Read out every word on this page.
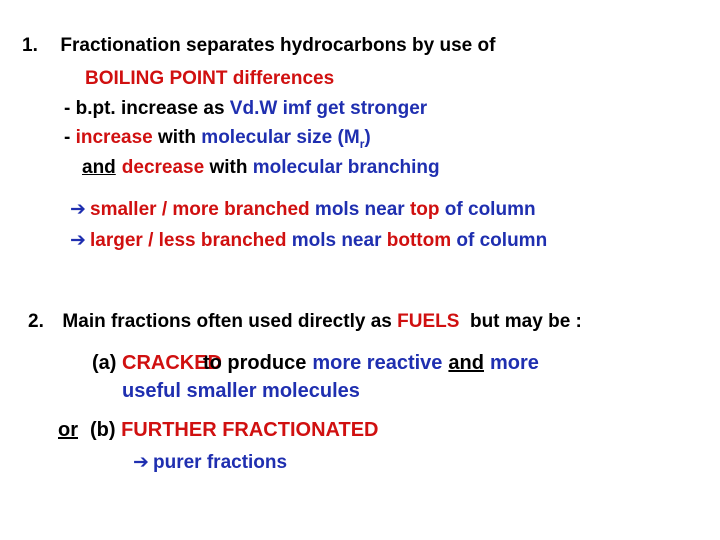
1. Fractionation separates hydrocarbons by use of
BOILING POINT differences
- b.pt. increase as Vd.W imf get stronger
- increase with molecular size $(M_r)$
and decrease with molecular branching
➔ smaller / more branched mols near top of column
➔ larger / less branched mols near bottom of column
2. Main fractions often used directly as FUELS  but may be :
(a) CRACKED
to produce more reactive and more
useful smaller molecules
or (b) FURTHER FRACTIONATED
➔ purer fractions
